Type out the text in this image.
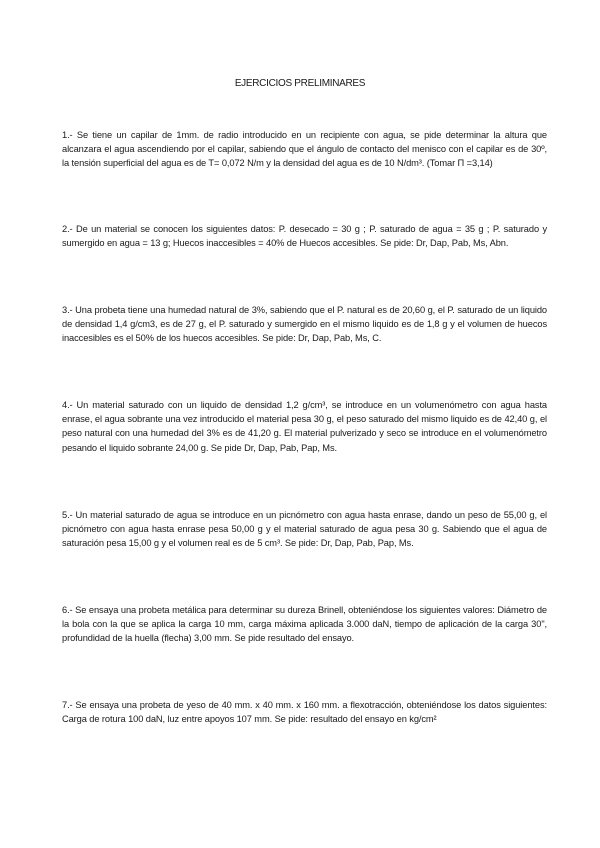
EJERCICIOS PRELIMINARES

1.- Se tiene un capilar de 1mm. de radio introducido en un recipiente con agua, se pide determinar la altura que alcanzara el agua ascendiendo por el capilar, sabiendo que el ángulo de contacto del menisco con el capilar es de 30º, la tensión superficial del agua es de T= 0,072 N/m y la densidad del agua es de 10 N/dm³. (Tomar Π =3,14)

2.- De un material se conocen los siguientes datos: P. desecado = 30 g ; P. saturado de agua = 35 g ; P. saturado y sumergido en agua = 13 g; Huecos inaccesibles = 40% de Huecos accesibles. Se pide: Dr, Dap, Pab, Ms, Abn.

3.- Una probeta tiene una humedad natural de 3%, sabiendo que el P. natural es de 20,60 g, el P. saturado de un liquido de densidad 1,4 g/cm3, es de 27 g, el P. saturado y sumergido en el mismo liquido es de 1,8 g y el volumen de huecos inaccesibles es el 50% de los huecos accesibles. Se pide: Dr, Dap, Pab, Ms, C.

4.- Un material saturado con un liquido de densidad 1,2 g/cm³, se introduce en un volumenómetro con agua hasta enrase, el agua sobrante una vez introducido el material pesa 30 g, el peso saturado del mismo liquido es de 42,40 g, el peso natural con una humedad del 3% es de 41,20 g. El material pulverizado y seco se introduce en el volumenómetro pesando el liquido sobrante 24,00 g. Se pide Dr, Dap, Pab, Pap, Ms.

5.- Un material saturado de agua se introduce en un picnómetro con agua hasta enrase, dando un peso de 55,00 g, el picnómetro con agua hasta enrase pesa 50,00 g y el material saturado de agua pesa 30 g. Sabiendo que el agua de saturación pesa 15,00 g y el volumen real es de 5 cm³. Se pide: Dr, Dap, Pab, Pap, Ms.

6.- Se ensaya una probeta metálica para determinar su dureza Brinell, obteniéndose los siguientes valores: Diámetro de la bola con la que se aplica la carga 10 mm, carga máxima aplicada 3.000 daN, tiempo de aplicación de la carga 30", profundidad de la huella (flecha) 3,00 mm. Se pide resultado del ensayo.

7.- Se ensaya una probeta de yeso de 40 mm. x 40 mm. x 160 mm. a flexotracción, obteniéndose los datos siguientes: Carga de rotura 100 daN, luz entre apoyos 107 mm. Se pide: resultado del ensayo en kg/cm²
